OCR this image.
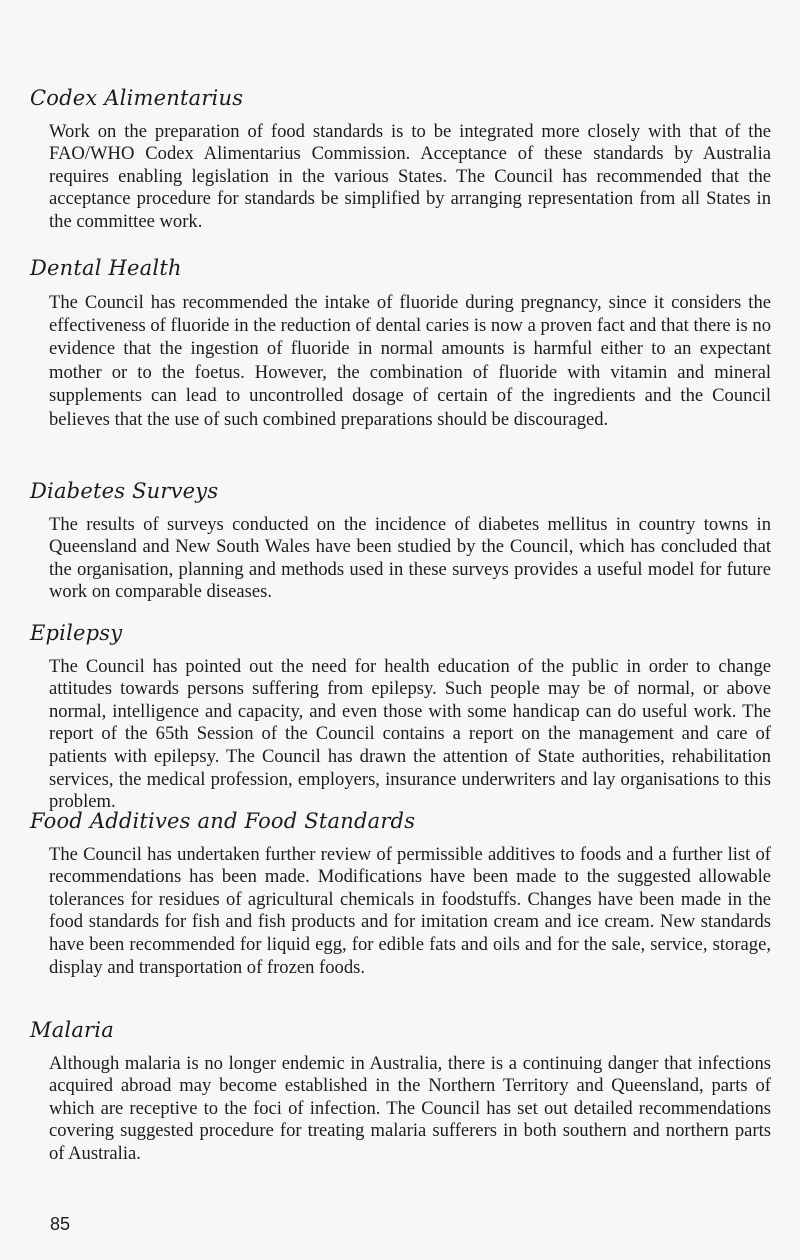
Codex Alimentarius

Work on the preparation of food standards is to be integrated more closely with that of the FAO/WHO Codex Alimentarius Commission. Acceptance of these standards by Australia requires enabling legislation in the various States. The Council has recommended that the acceptance procedure for standards be simplified by arranging representation from all States in the committee work.

Dental Health

The Council has recommended the intake of fluoride during pregnancy, since it considers the effectiveness of fluoride in the reduction of dental caries is now a proven fact and that there is no evidence that the ingestion of fluoride in normal amounts is harmful either to an expectant mother or to the foetus. However, the combination of fluoride with vitamin and mineral supplements can lead to uncontrolled dosage of certain of the ingredients and the Council believes that the use of such combined preparations should be discouraged.

Diabetes Surveys

The results of surveys conducted on the incidence of diabetes mellitus in country towns in Queensland and New South Wales have been studied by the Council, which has concluded that the organisation, planning and methods used in these surveys provides a useful model for future work on comparable diseases.

Epilepsy

The Council has pointed out the need for health education of the public in order to change attitudes towards persons suffering from epilepsy. Such people may be of normal, or above normal, intelligence and capacity, and even those with some handicap can do useful work. The report of the 65th Session of the Council contains a report on the management and care of patients with epilepsy. The Council has drawn the attention of State authorities, rehabilitation services, the medical profession, employers, insurance underwriters and lay organisations to this problem.

Food Additives and Food Standards

The Council has undertaken further review of permissible additives to foods and a further list of recommendations has been made. Modifications have been made to the suggested allowable tolerances for residues of agricultural chemicals in foodstuffs. Changes have been made in the food standards for fish and fish products and for imitation cream and ice cream. New standards have been recommended for liquid egg, for edible fats and oils and for the sale, service, storage, display and transportation of frozen foods.

Malaria

Although malaria is no longer endemic in Australia, there is a continuing danger that infections acquired abroad may become established in the Northern Territory and Queensland, parts of which are receptive to the foci of infection. The Council has set out detailed recommendations covering suggested procedure for treating malaria sufferers in both southern and northern parts of Australia.

85
